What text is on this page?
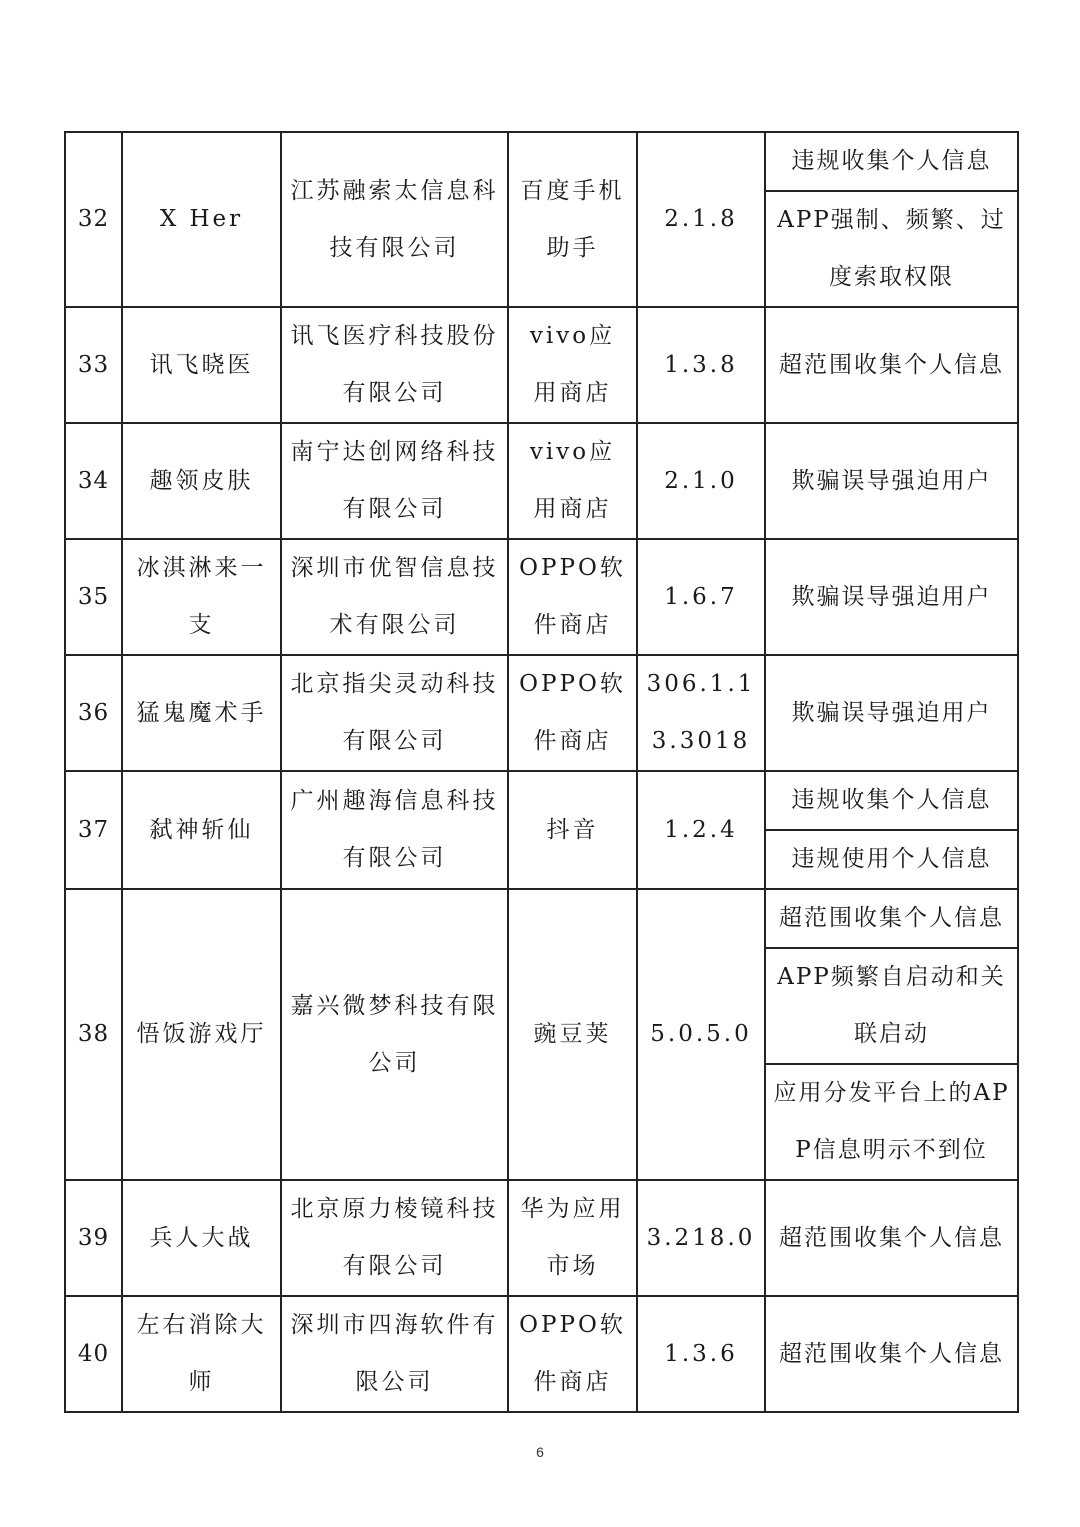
32	X Her	江苏融索太信息科技有限公司	百度手机助手	2.1.8	违规收集个人信息
					APP强制、频繁、过度索取权限
33	讯飞晓医	讯飞医疗科技股份有限公司	vivo应用商店	1.3.8	超范围收集个人信息
34	趣领皮肤	南宁达创网络科技有限公司	vivo应用商店	2.1.0	欺骗误导强迫用户
35	冰淇淋来一支	深圳市优智信息技术有限公司	OPPO软件商店	1.6.7	欺骗误导强迫用户
36	猛鬼魔术手	北京指尖灵动科技有限公司	OPPO软件商店	306.1.13.3018	欺骗误导强迫用户
37	弑神斩仙	广州趣海信息科技有限公司	抖音	1.2.4	违规收集个人信息
					违规使用个人信息
38	悟饭游戏厅	嘉兴微梦科技有限公司	豌豆荚	5.0.5.0	超范围收集个人信息
					APP频繁自启动和关联启动
					应用分发平台上的APP信息明示不到位
39	兵人大战	北京原力棱镜科技有限公司	华为应用市场	3.218.0	超范围收集个人信息
40	左右消除大师	深圳市四海软件有限公司	OPPO软件商店	1.3.6	超范围收集个人信息
6
